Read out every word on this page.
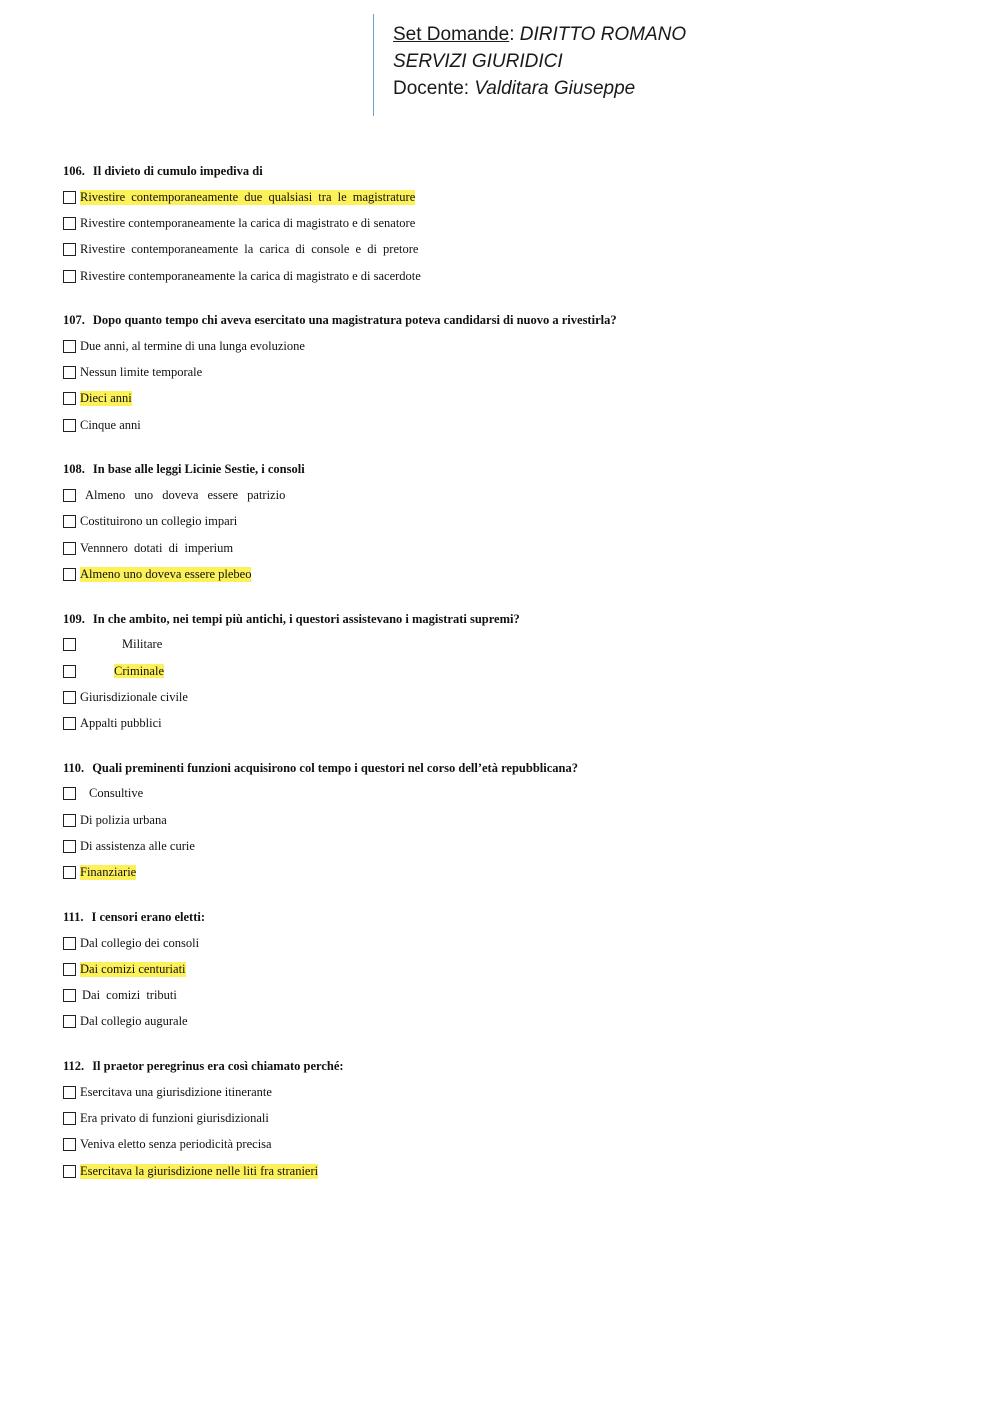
Set Domande: DIRITTO ROMANO
SERVIZI GIURIDICI
Docente: Valditara Giuseppe
106. Il divieto di cumulo impediva di
Rivestire contemporaneamente due qualsiasi tra le magistrature
Rivestire contemporaneamente la carica di magistrato e di senatore
Rivestire contemporaneamente la carica di console e di pretore
Rivestire contemporaneamente la carica di magistrato e di sacerdote
107. Dopo quanto tempo chi aveva esercitato una magistratura poteva candidarsi di nuovo a rivestirla?
Due anni, al termine di una lunga evoluzione
Nessun limite temporale
Dieci anni
Cinque anni
108. In base alle leggi Licinie Sestie, i consoli
Almeno uno doveva essere patrizio
Costituirono un collegio impari
Vennnero dotati di imperium
Almeno uno doveva essere plebeo
109. In che ambito, nei tempi più antichi, i questori assistevano i magistrati supremi?
Militare
Criminale
Giurisdizionale civile
Appalti pubblici
110. Quali preminenti funzioni acquisirono col tempo i questori nel corso dell’età repubblicana?
Consultive
Di polizia urbana
Di assistenza alle curie
Finanziarie
111. I censori erano eletti:
Dal collegio dei consoli
Dai comizi centuriati
Dai comizi tributi
Dal collegio augurale
112. Il praetor peregrinus era così chiamato perché:
Esercitava una giurisdizione itinerante
Era privato di funzioni giurisdizionali
Veniva eletto senza periodicità precisa
Esercitava la giurisdizione nelle liti fra stranieri
